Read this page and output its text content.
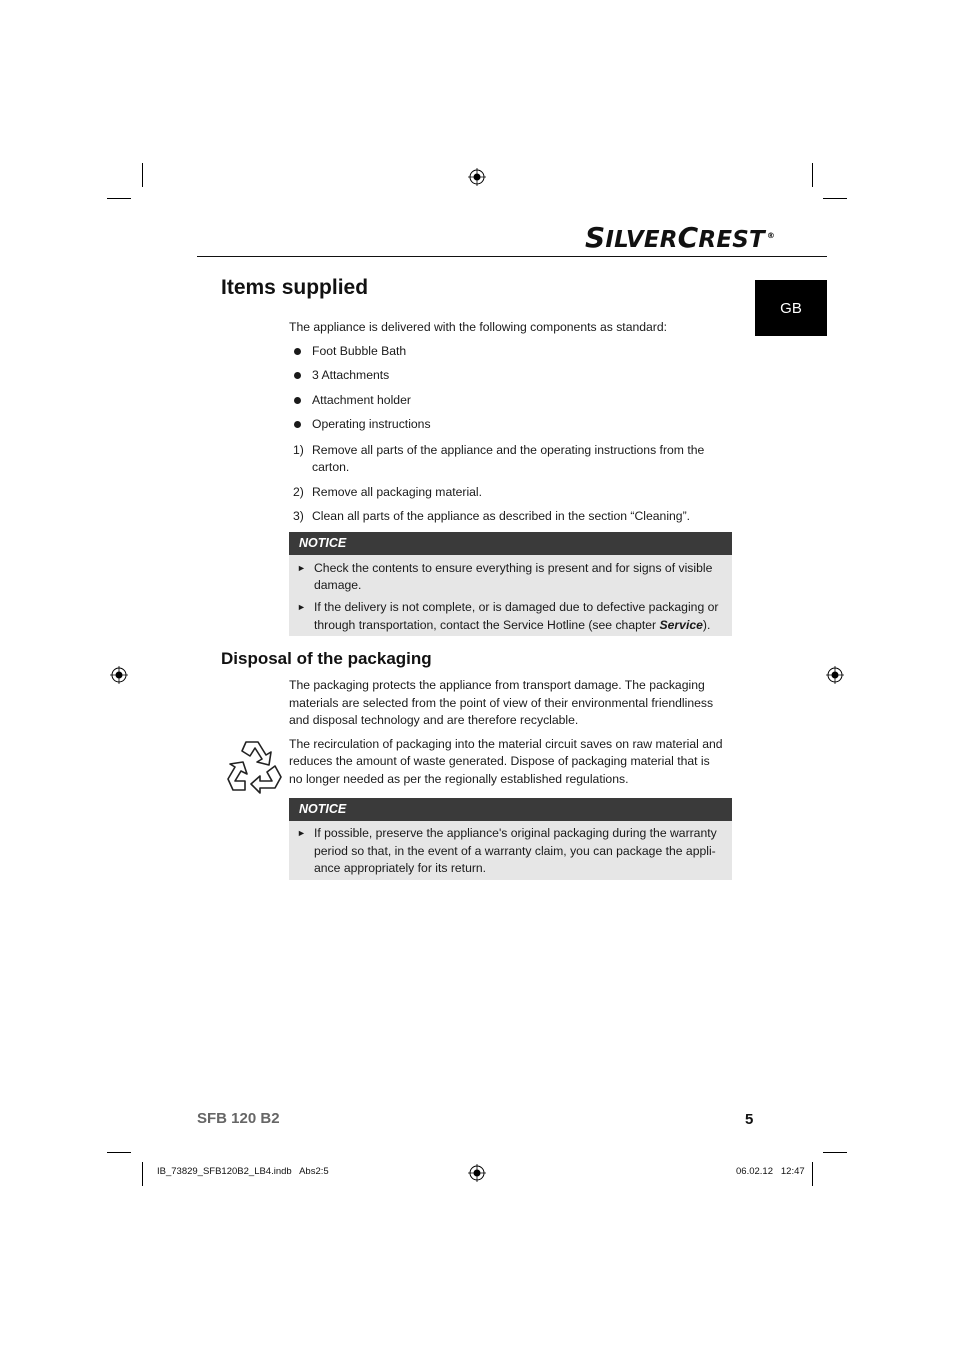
SILVERCREST ®
GB
Items supplied
The appliance is delivered with the following components as standard:
Foot Bubble Bath
3 Attachments
Attachment holder
Operating instructions
1) Remove all parts of the appliance and the operating instructions from the
carton.
2) Remove all packaging material.
3) Clean all parts of the appliance as described in the section “Cleaning”.
NOTICE
► Check the contents to ensure everything is present and for signs of visible
damage.
► If the delivery is not complete, or is damaged due to defective packaging or
through transportation, contact the Service Hotline (see chapter Service).
Disposal of the packaging
The packaging protects the appliance from transport damage. The packaging
materials are selected from the point of view of their environmental friendliness
and disposal technology and are therefore recyclable.
The recirculation of packaging into the material circuit saves on raw material and
reduces the amount of waste generated. Dispose of packaging material that is
no longer needed as per the regionally established regulations.
NOTICE
► If possible, preserve the appliance's original packaging during the warranty
period so that, in the event of a warranty claim, you can package the appli-
ance appropriately for its return.
SFB 120 B2	5
IB_73829_SFB120B2_LB4.indb   Abs2:5	06.02.12   12:47
